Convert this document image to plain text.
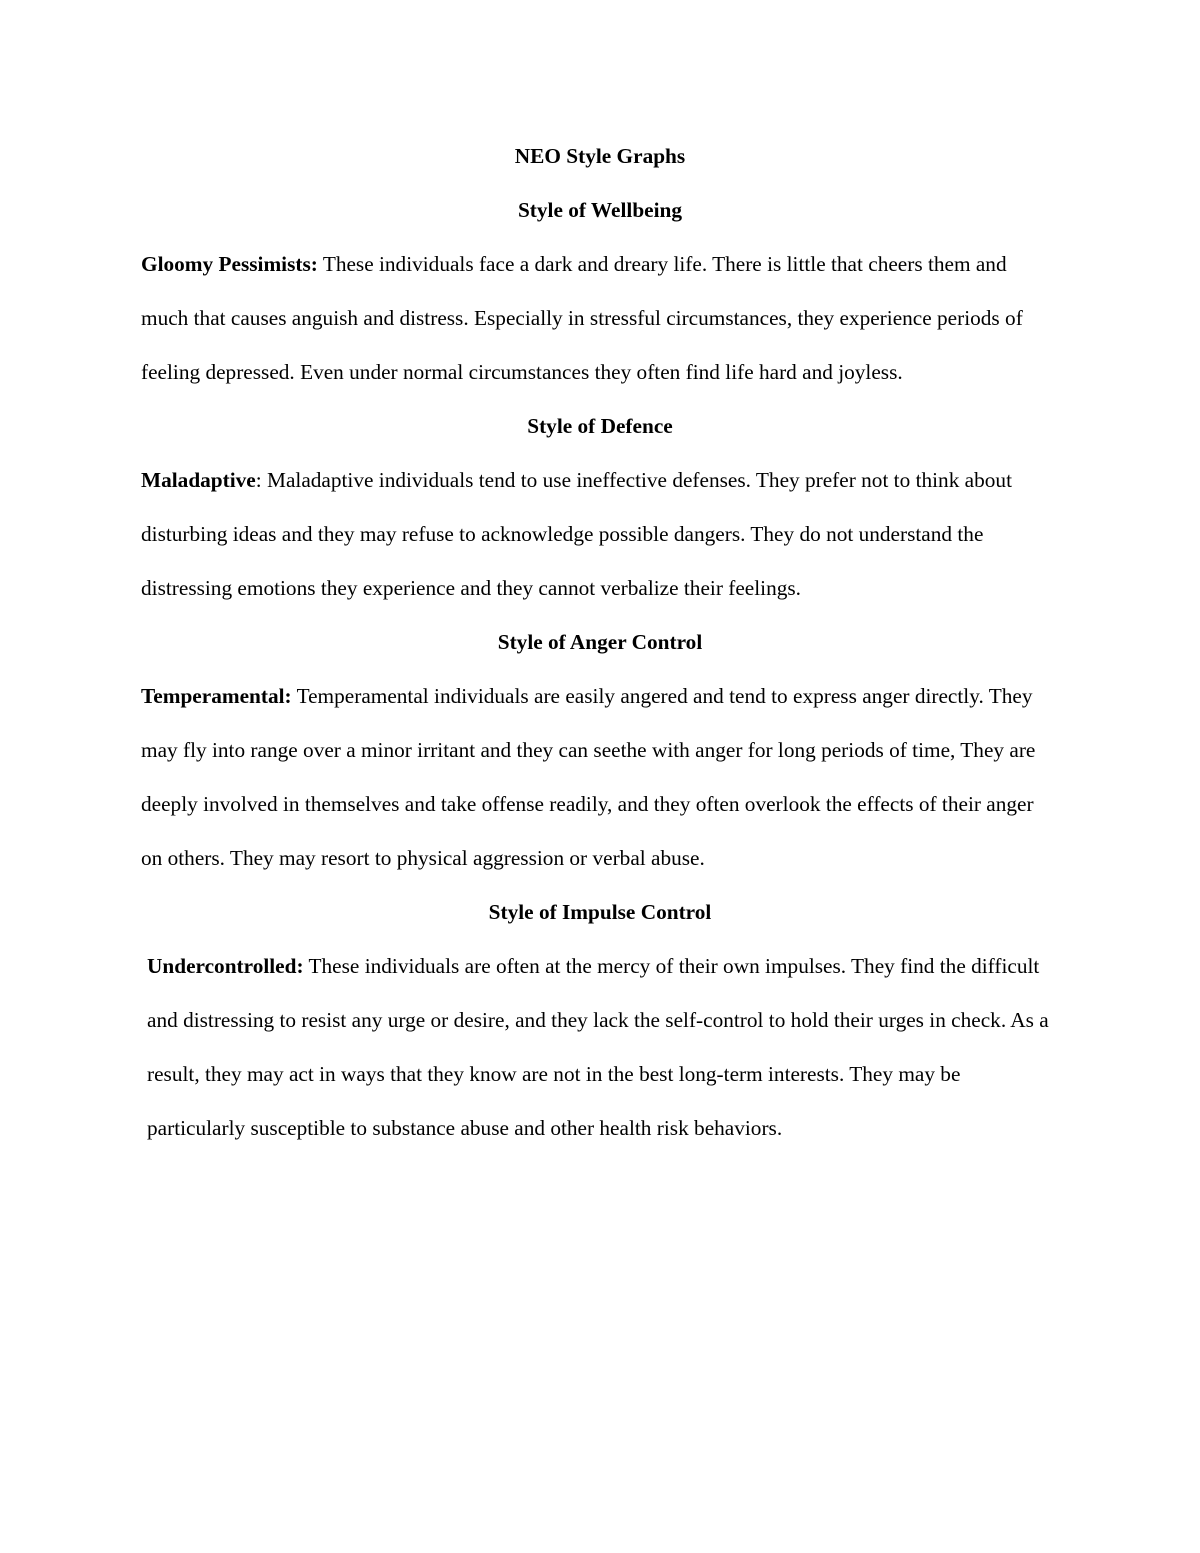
NEO Style Graphs

Style of Wellbeing

Gloomy Pessimists: These individuals face a dark and dreary life. There is little that cheers them and much that causes anguish and distress. Especially in stressful circumstances, they experience periods of feeling depressed. Even under normal circumstances they often find life hard and joyless.

Style of Defence

Maladaptive: Maladaptive individuals tend to use ineffective defenses. They prefer not to think about disturbing ideas and they may refuse to acknowledge possible dangers. They do not understand the distressing emotions they experience and they cannot verbalize their feelings.

Style of Anger Control

Temperamental: Temperamental individuals are easily angered and tend to express anger directly. They may fly into range over a minor irritant and they can seethe with anger for long periods of time, They are deeply involved in themselves and take offense readily, and they often overlook the effects of their anger on others. They may resort to physical aggression or verbal abuse.

Style of Impulse Control

Undercontrolled: These individuals are often at the mercy of their own impulses. They find the difficult and distressing to resist any urge or desire, and they lack the self-control to hold their urges in check. As a result, they may act in ways that they know are not in the best long-term interests. They may be particularly susceptible to substance abuse and other health risk behaviors.
